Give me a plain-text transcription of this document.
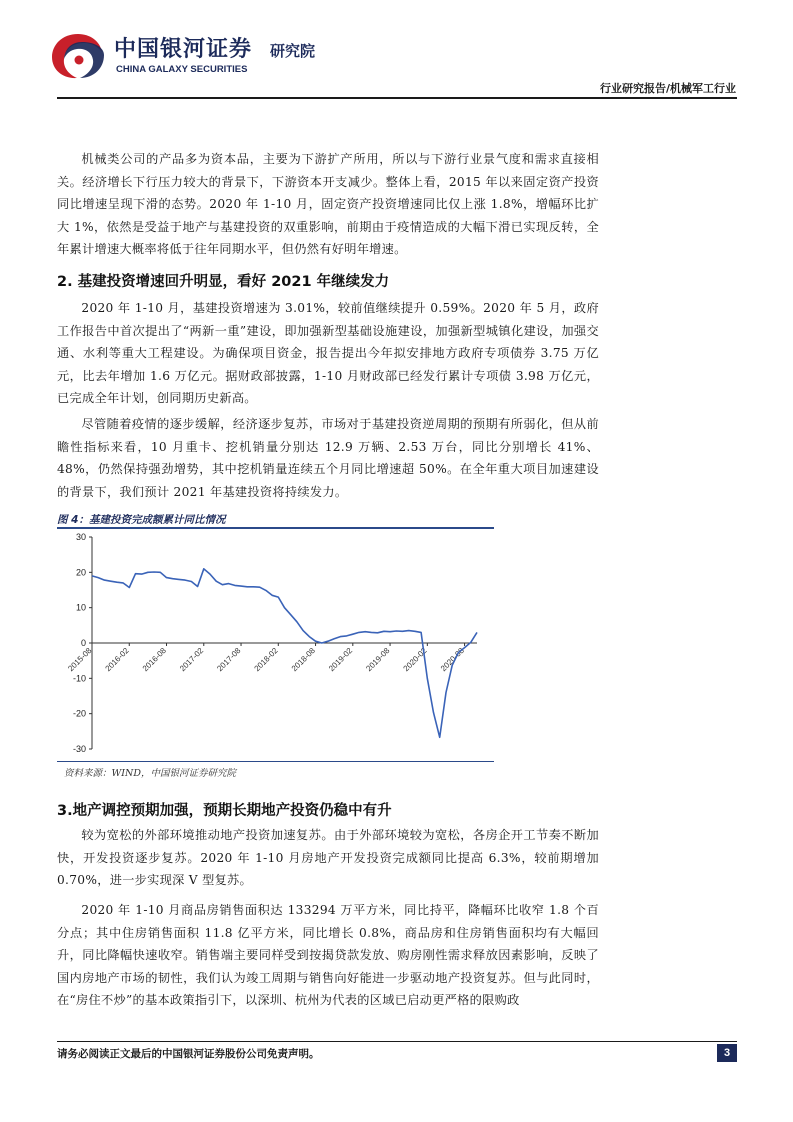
中国银河证券
CHINA GALAXY SECURITIES
研究院
行业研究报告/机械军工行业

机械类公司的产品多为资本品，主要为下游扩产所用，所以与下游行业景气度和需求直接相关。经济增长下行压力较大的背景下，下游资本开支减少。整体上看，2015 年以来固定资产投资同比增速呈现下滑的态势。2020 年 1-10 月，固定资产投资增速同比仅上涨 1.8%，增幅环比扩大 1%，依然是受益于地产与基建投资的双重影响，前期由于疫情造成的大幅下滑已实现反转，全年累计增速大概率将低于往年同期水平，但仍然有好明年增速。

2. 基建投资增速回升明显，看好 2021 年继续发力

2020 年 1-10 月，基建投资增速为 3.01%，较前值继续提升 0.59%。2020 年 5 月，政府工作报告中首次提出了“两新一重”建设，即加强新型基础设施建设，加强新型城镇化建设，加强交通、水利等重大工程建设。为确保项目资金，报告提出今年拟安排地方政府专项债券 3.75 万亿元，比去年增加 1.6 万亿元。据财政部披露，1-10 月财政部已经发行累计专项债 3.98 万亿元，已完成全年计划，创同期历史新高。

尽管随着疫情的逐步缓解，经济逐步复苏，市场对于基建投资逆周期的预期有所弱化，但从前瞻性指标来看，10 月重卡、挖机销量分别达 12.9 万辆、2.53 万台，同比分别增长 41%、48%，仍然保持强劲增势，其中挖机销量连续五个月同比增速超 50%。在全年重大项目加速建设的背景下，我们预计 2021 年基建投资将持续发力。

图 4：基建投资完成额累计同比情况
30
20
10
0
-10
-20
-30
2015-08 2016-02 2016-08 2017-02 2017-08 2018-02 2018-08 2019-02 2019-08 2020-02 2020-08
资料来源：WIND，中国银河证券研究院
3.地产调控预期加强，预期长期地产投资仍稳中有升

较为宽松的外部环境推动地产投资加速复苏。由于外部环境较为宽松，各房企开工节奏不断加快，开发投资逐步复苏。2020 年 1-10 月房地产开发投资完成额同比提高 6.3%，较前期增加 0.70%，进一步实现深 V 型复苏。

2020 年 1-10 月商品房销售面积达 133294 万平方米，同比持平，降幅环比收窄 1.8 个百分点；其中住房销售面积 11.8 亿平方米，同比增长 0.8%，商品房和住房销售面积均有大幅回升，同比降幅快速收窄。销售端主要同样受到按揭贷款发放、购房刚性需求释放因素影响，反映了国内房地产市场的韧性，我们认为竣工周期与销售向好能进一步驱动地产投资复苏。但与此同时，在“房住不炒”的基本政策指引下，以深圳、杭州为代表的区域已启动更严格的限购政

请务必阅读正文最后的中国银河证券股份公司免责声明。	3
